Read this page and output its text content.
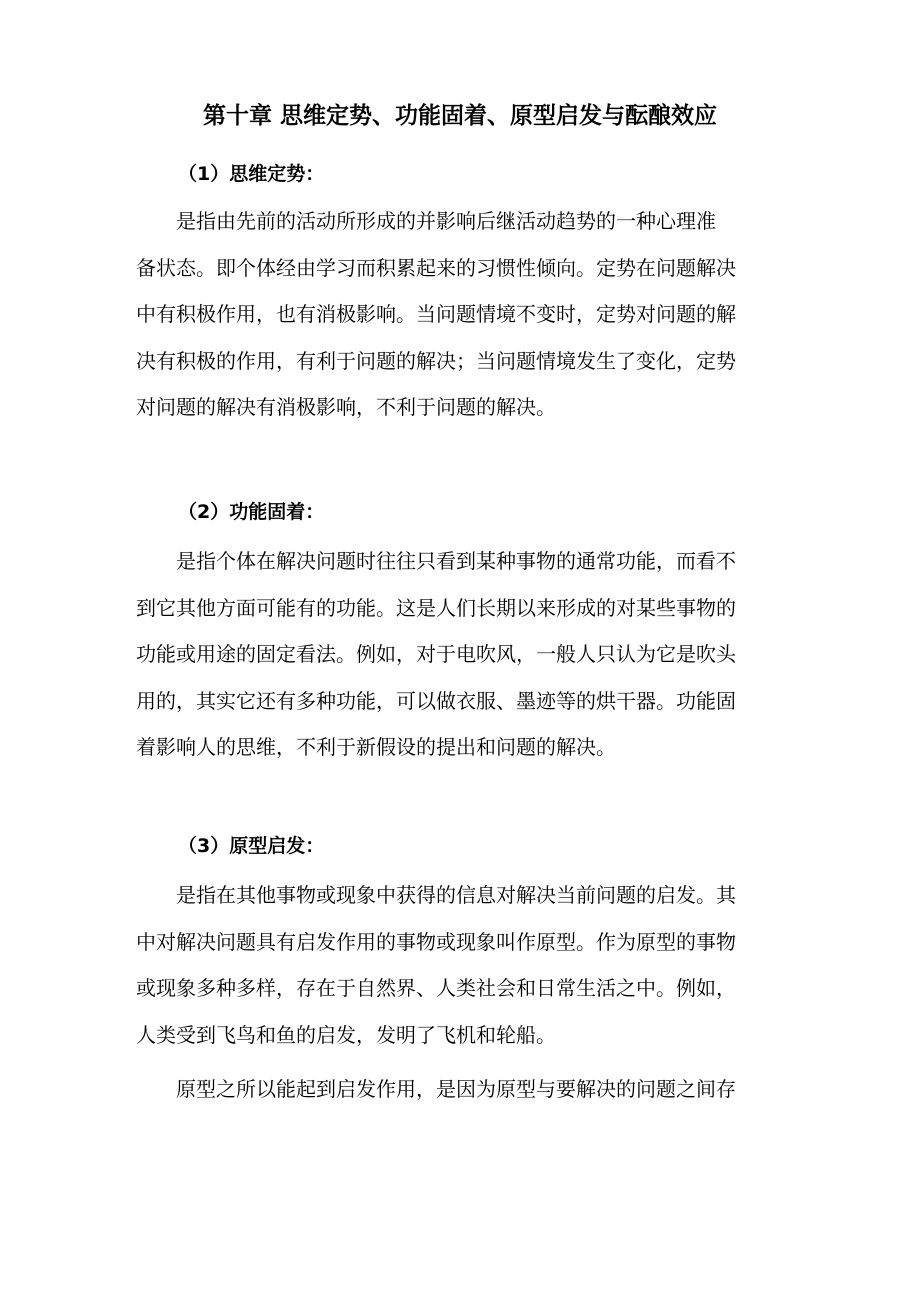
第十章 思维定势、功能固着、原型启发与酝酿效应
（1）思维定势：
是指由先前的活动所形成的并影响后继活动趋势的一种心理准
备状态。即个体经由学习而积累起来的习惯性倾向。定势在问题解决
中有积极作用，也有消极影响。当问题情境不变时，定势对问题的解
决有积极的作用，有利于问题的解决；当问题情境发生了变化，定势
对问题的解决有消极影响，不利于问题的解决。
（2）功能固着：
是指个体在解决问题时往往只看到某种事物的通常功能，而看不
到它其他方面可能有的功能。这是人们长期以来形成的对某些事物的
功能或用途的固定看法。例如，对于电吹风，一般人只认为它是吹头
用的，其实它还有多种功能，可以做衣服、墨迹等的烘干器。功能固
着影响人的思维，不利于新假设的提出和问题的解决。
（3）原型启发：
是指在其他事物或现象中获得的信息对解决当前问题的启发。其
中对解决问题具有启发作用的事物或现象叫作原型。作为原型的事物
或现象多种多样，存在于自然界、人类社会和日常生活之中。例如，
人类受到飞鸟和鱼的启发，发明了飞机和轮船。
原型之所以能起到启发作用，是因为原型与要解决的问题之间存
